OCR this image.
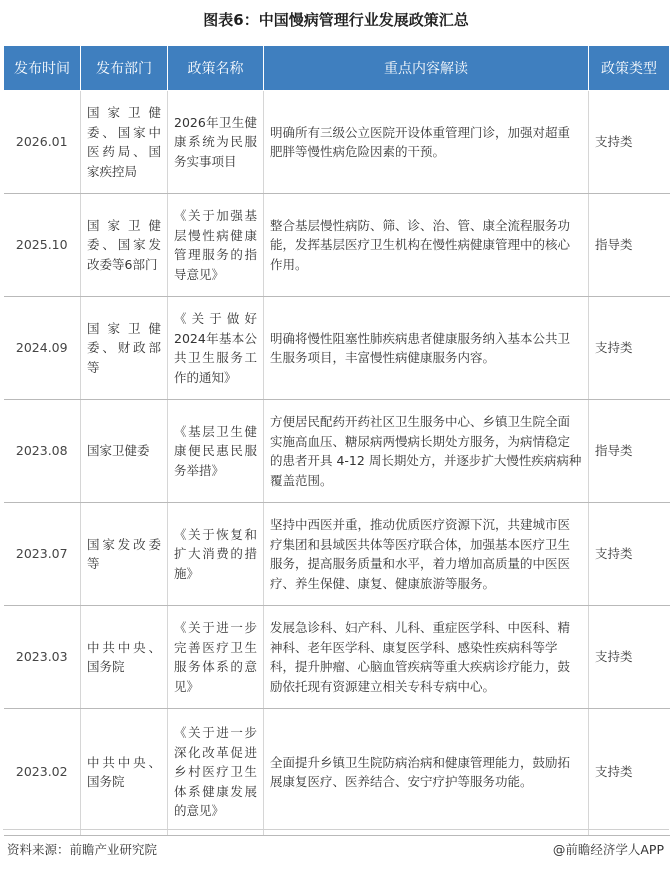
图表6：中国慢病管理行业发展政策汇总
发布时间	发布部门	政策名称	重点内容解读	政策类型
2026.01	国家卫健委、国家中医药局、国家疾控局	2026年卫生健康系统为民服务实事项目	明确所有三级公立医院开设体重管理门诊，加强对超重肥胖等慢性病危险因素的干预。	支持类
2025.10	国家卫健委、国家发改委等6部门	《关于加强基层慢性病健康管理服务的指导意见》	整合基层慢性病防、筛、诊、治、管、康全流程服务功能，发挥基层医疗卫生机构在慢性病健康管理中的核心作用。	指导类
2024.09	国家卫健委、财政部等	《关于做好2024年基本公共卫生服务工作的通知》	明确将慢性阻塞性肺疾病患者健康服务纳入基本公共卫生服务项目，丰富慢性病健康服务内容。	支持类
2023.08	国家卫健委	《基层卫生健康便民惠民服务举措》	方便居民配药开药社区卫生服务中心、乡镇卫生院全面实施高血压、糖尿病两慢病长期处方服务，为病情稳定的患者开具 4-12 周长期处方，并逐步扩大慢性疾病病种覆盖范围。	指导类
2023.07	国家发改委等	《关于恢复和扩大消费的措施》	坚持中西医并重，推动优质医疗资源下沉，共建城市医疗集团和县域医共体等医疗联合体，加强基本医疗卫生服务，提高服务质量和水平，着力增加高质量的中医医疗、养生保健、康复、健康旅游等服务。	支持类
2023.03	中共中央、国务院	《关于进一步完善医疗卫生服务体系的意见》	发展急诊科、妇产科、儿科、重症医学科、中医科、精神科、老年医学科、康复医学科、感染性疾病科等学科，提升肿瘤、心脑血管疾病等重大疾病诊疗能力，鼓励依托现有资源建立相关专科专病中心。	支持类
2023.02	中共中央、国务院	《关于进一步深化改革促进乡村医疗卫生体系健康发展的意见》	全面提升乡镇卫生院防病治病和健康管理能力，鼓励拓展康复医疗、医养结合、安宁疗护等服务功能。	支持类
资料来源：前瞻产业研究院	@前瞻经济学人APP
